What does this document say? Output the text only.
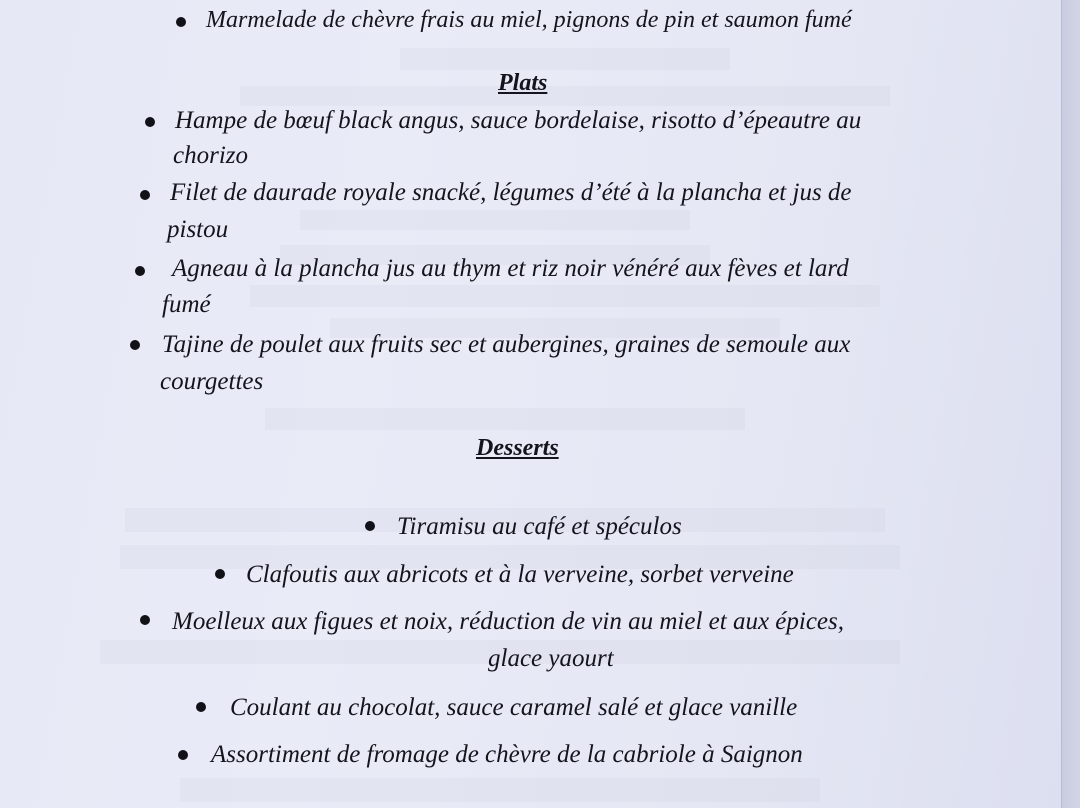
Marmelade de chèvre frais au miel, pignons de pin et saumon fumé
Plats
Hampe de bœuf black angus, sauce bordelaise, risotto d’épeautre au
chorizo
Filet de daurade royale snacké, légumes d’été à la plancha et jus de
pistou
Agneau à la plancha jus au thym et riz noir vénéré aux fèves et lard
fumé
Tajine de poulet aux fruits sec et aubergines, graines de semoule aux
courgettes
Desserts
Tiramisu au café et spéculos
Clafoutis aux abricots et à la verveine, sorbet verveine
Moelleux aux figues et noix, réduction de vin au miel et aux épices,
glace yaourt
Coulant au chocolat, sauce caramel salé et glace vanille
Assortiment de fromage de chèvre de la cabriole à Saignon
